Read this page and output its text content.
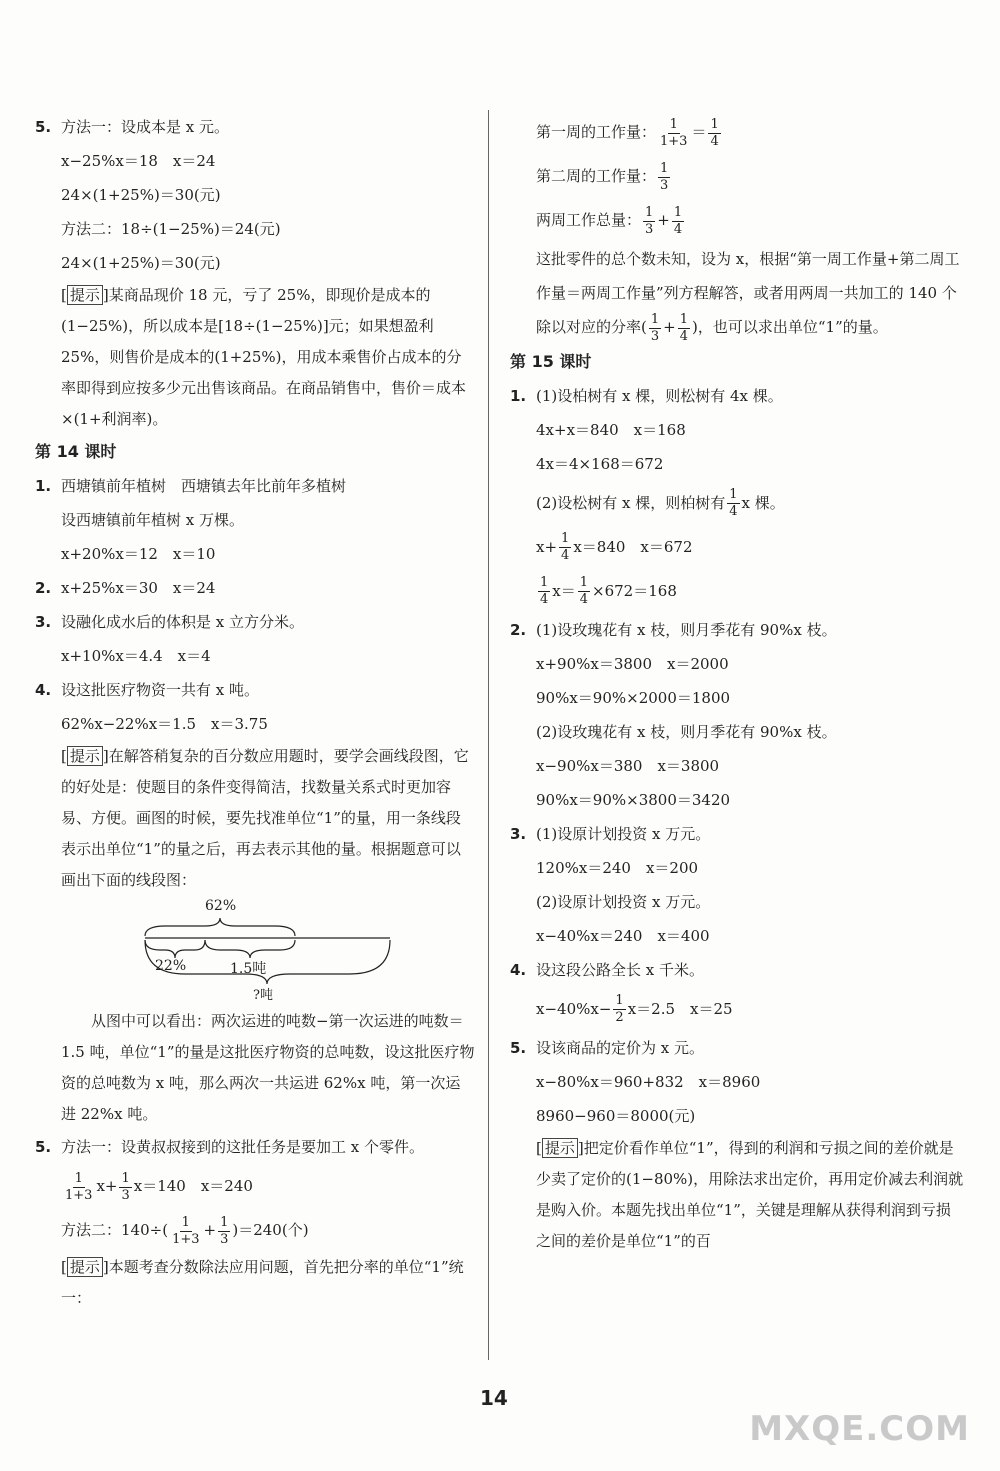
5. 方法一：设成本是 x 元。
x−25%x＝18　x＝24
24×(1+25%)＝30(元)
方法二：18÷(1−25%)＝24(元)
24×(1+25%)＝30(元)
[ 提示 ]某商品现价 18 元，亏了 25%，即现价是成本的(1−25%)，所以成本是[18÷(1−25%)]元；如果想盈利 25%，则售价是成本的(1+25%)，用成本乘售价占成本的分率即得到应按多少元出售该商品。在商品销售中，售价＝成本×(1+利润率)。
第 14 课时
1. 西塘镇前年植树　西塘镇去年比前年多植树
设西塘镇前年植树 x 万棵。
x+20%x＝12　x＝10
2. x+25%x＝30　x＝24
3. 设融化成水后的体积是 x 立方分米。
x+10%x＝4.4　x＝4
4. 设这批医疗物资一共有 x 吨。
62%x−22%x＝1.5　x＝3.75
[ 提示 ]在解答稍复杂的百分数应用题时，要学会画线段图，它的好处是：使题目的条件变得简洁，找数量关系式时更加容易、方便。画图的时候，要先找准单位“1”的量，用一条线段表示出单位“1”的量之后，再去表示其他的量。根据题意可以画出下面的线段图：
62%
22%	1.5吨
?吨
从图中可以看出：两次运进的吨数−第一次运进的吨数＝1.5 吨，单位“1”的量是这批医疗物资的总吨数，设这批医疗物资的总吨数为 x 吨，那么两次一共运进 62%x 吨，第一次运进 22%x 吨。
5. 方法一：设黄叔叔接到的这批任务是要加工 x 个零件。
$\frac{1}{1+3} x+ \frac{1}{3} x=140$　x＝240
方法二：$140\div( \frac{1}{1+3} + \frac{1}{3} )=240$(个)
[ 提示 ]本题考查分数除法应用问题，首先把分率的单位“1”统一：
第一周的工作量： $\frac{1}{1+3} = \frac{1}{4}$
第二周的工作量： $\frac{1}{3}$
两周工作总量： $\frac{1}{3} + \frac{1}{4}$
这批零件的总个数未知，设为 x，根据“第一周工作量+第二周工作量＝两周工作量”列方程解答，或者用两周一共加工的 140 个除以对应的分率( $\frac{1}{3} + \frac{1}{4}$ )，也可以求出单位“1”的量。
第 15 课时
1. (1)设柏树有 x 棵，则松树有 4x 棵。
4x+x＝840　x＝168
4x＝4×168＝672
(2)设松树有 x 棵，则柏树有 $\frac{1}{4}$ x 棵。
$x+ \frac{1}{4} x=840$　x＝672
$\frac{1}{4} x= \frac{1}{4} \times 672=168$
2. (1)设玫瑰花有 x 枝，则月季花有 90%x 枝。
x+90%x＝3800　x＝2000
90%x＝90%×2000＝1800
(2)设玫瑰花有 x 枝，则月季花有 90%x 枝。
x−90%x＝380　x＝3800
90%x＝90%×3800＝3420
3. (1)设原计划投资 x 万元。
120%x＝240　x＝200
(2)设原计划投资 x 万元。
x−40%x＝240　x＝400
4. 设这段公路全长 x 千米。
$x-40\%x- \frac{1}{2} x=2.5$　x＝25
5. 设该商品的定价为 x 元。
x−80%x＝960+832　x＝8960
8960−960＝8000(元)
[ 提示 ]把定价看作单位“1”，得到的利润和亏损之间的差价就是少卖了定价的(1−80%)，用除法求出定价，再用定价减去利润就是购入价。本题先找出单位“1”，关键是理解从获得利润到亏损之间的差价是单位“1”的百
14
MXQE.COM
